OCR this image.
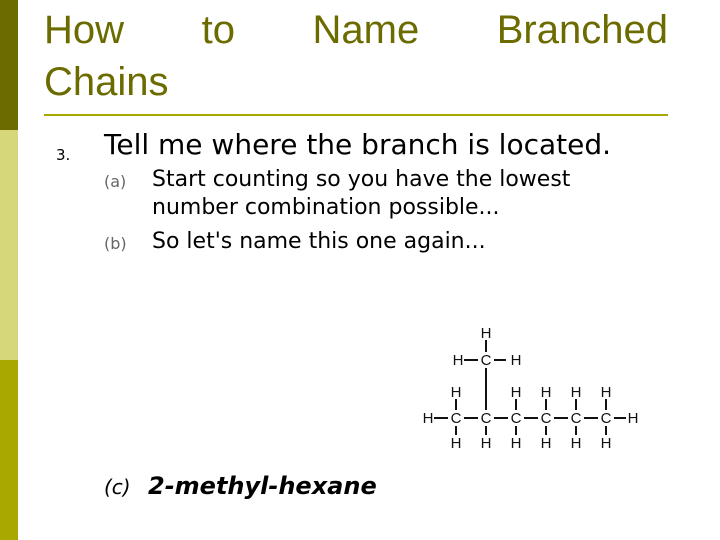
How to Name Branched
Chains
3. Tell me where the branch is located.
(a) Start counting so you have the lowest
number combination possible...
(b) So let's name this one again...
H
H C H
H	H H H H
H C C C C C C H
H H H H H H
(c) 2-methyl-hexane
